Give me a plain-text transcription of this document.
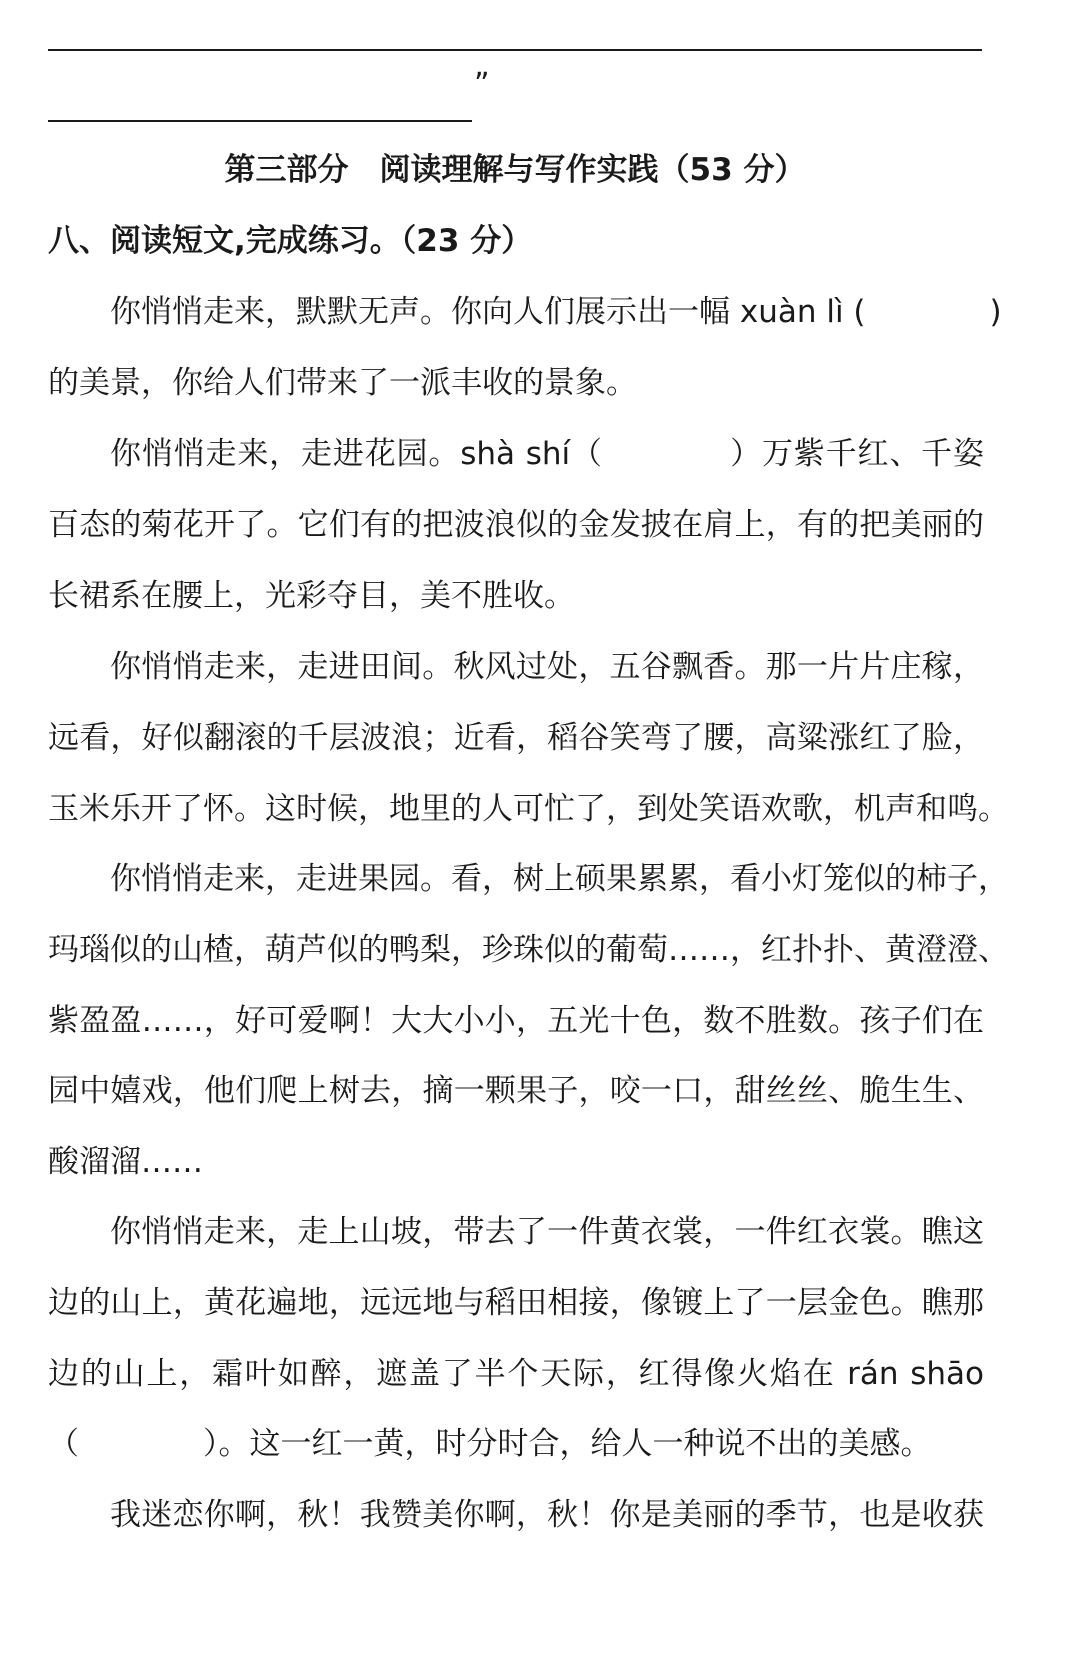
”
第三部分　阅读理解与写作实践（53 分）
八、阅读短文,完成练习。（23 分）
你悄悄走来，默默无声。你向人们展示出一幅 xuàn lì (　　　　)
的美景，你给人们带来了一派丰收的景象。
你悄悄走来，走进花园。shà shí（　　　　）万紫千红、千姿
百态的菊花开了。它们有的把波浪似的金发披在肩上，有的把美丽的
长裙系在腰上，光彩夺目，美不胜收。
你悄悄走来，走进田间。秋风过处，五谷飘香。那一片片庄稼，
远看，好似翻滚的千层波浪；近看，稻谷笑弯了腰，高粱涨红了脸，
玉米乐开了怀。这时候，地里的人可忙了，到处笑语欢歌，机声和鸣。
你悄悄走来，走进果园。看，树上硕果累累，看小灯笼似的柿子，
玛瑙似的山楂，葫芦似的鸭梨，珍珠似的葡萄……，红扑扑、黄澄澄、
紫盈盈……，好可爱啊！大大小小，五光十色，数不胜数。孩子们在
园中嬉戏，他们爬上树去，摘一颗果子，咬一口，甜丝丝、脆生生、
酸溜溜……
你悄悄走来，走上山坡，带去了一件黄衣裳，一件红衣裳。瞧这
边的山上，黄花遍地，远远地与稻田相接，像镀上了一层金色。瞧那
边的山上，霜叶如醉，遮盖了半个天际，红得像火焰在 rán shāo
（　　　　）。这一红一黄，时分时合，给人一种说不出的美感。
我迷恋你啊，秋！我赞美你啊，秋！你是美丽的季节，也是收获
